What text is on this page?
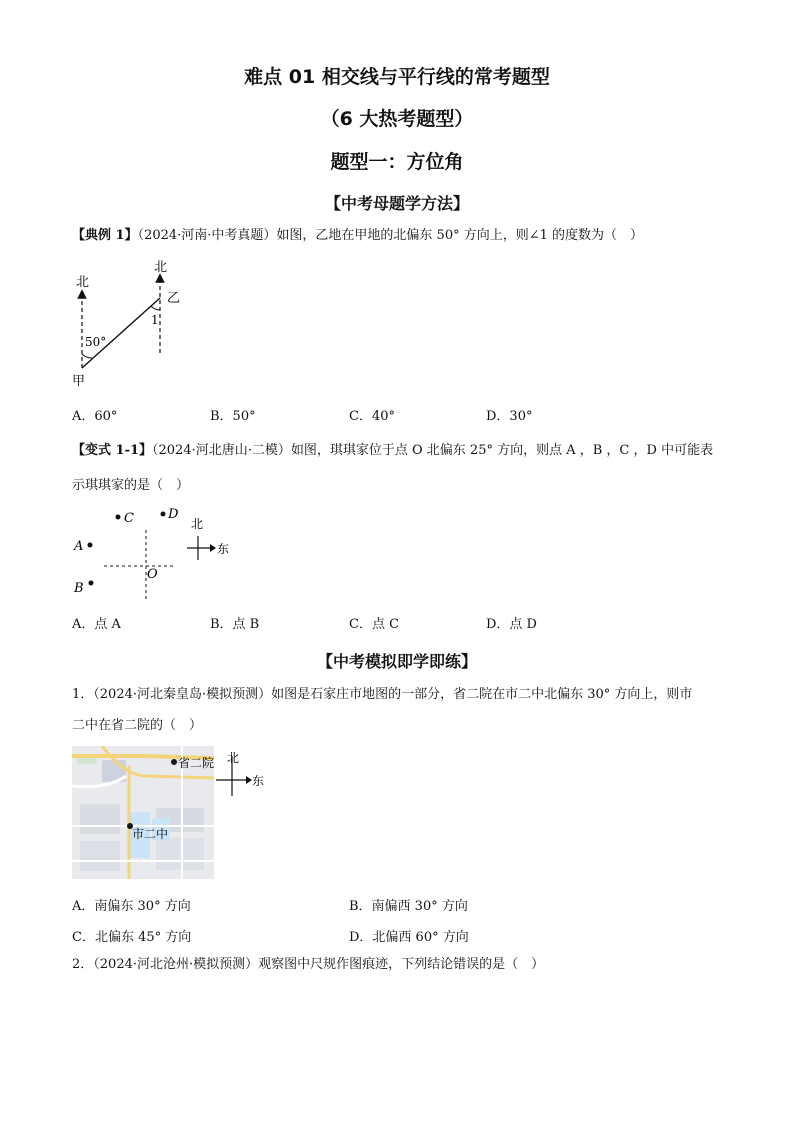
难点 01 相交线与平行线的常考题型
（6 大热考题型）
题型一：方位角
【中考母题学方法】
【典例 1】（2024·河南·中考真题）如图，乙地在甲地的北偏东 50° 方向上，则∠1 的度数为（　）
北
北
50°
1
甲
乙
A．60°	B．50°	C．40°	D．30°
【变式 1-1】（2024·河北唐山·二模）如图，琪琪家位于点 O 北偏东 25° 方向，则点 A ，B ，C ，D 中可能表
示琪琪家的是（　）
C	D
A
B
O
北
东
A．点 A	B．点 B	C．点 C	D．点 D
【中考模拟即学即练】
1．（2024·河北秦皇岛·模拟预测）如图是石家庄市地图的一部分，省二院在市二中北偏东 30° 方向上，则市
二中在省二院的（　）
省二院
市二中
北
东
A．南偏东 30° 方向	B．南偏西 30° 方向
C．北偏东 45° 方向	D．北偏西 60° 方向
2．（2024·河北沧州·模拟预测）观察图中尺规作图痕迹，下列结论错误的是（　）
